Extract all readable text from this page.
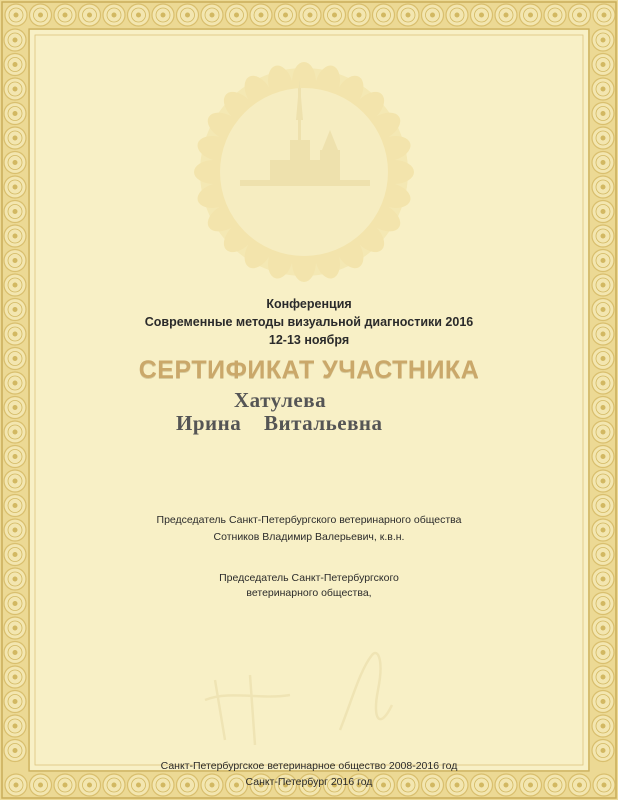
Конференция
Современные методы визуальной диагностики 2016
12-13 ноября
СЕРТИФИКАТ УЧАСТНИКА
Хатулева
Ирина Витальевна
Председатель Санкт-Петербургского ветеринарного общества
Сотников Владимир Валерьевич, к.в.н.
Председатель Санкт-Петербургского
ветеринарного общества,
Санкт-Петербургское ветеринарное общество 2008-2016 год
Санкт-Петербург 2016 год
